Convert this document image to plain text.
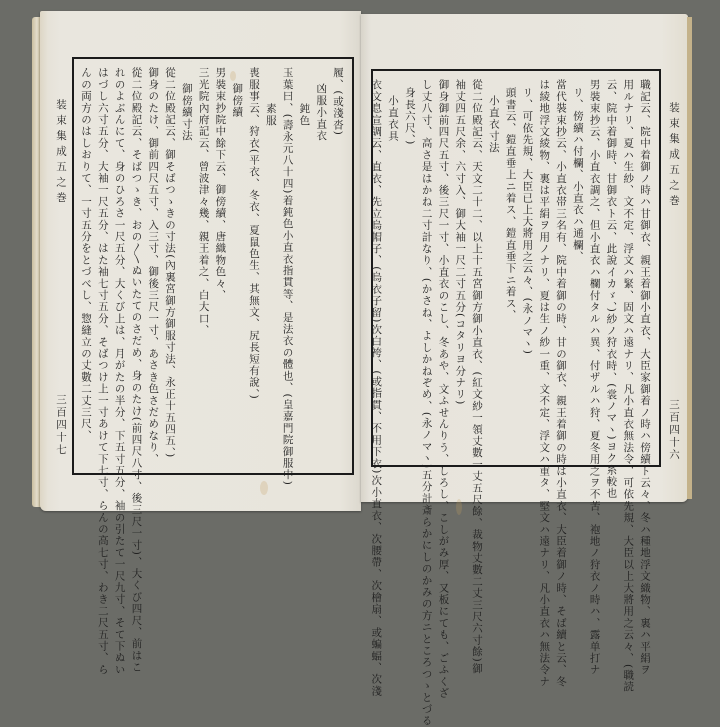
装束集成五之巻
三百四十七
履、(或淺沓)
凶服小直衣
鈍色
玉葉曰、(壽永元八十四)着鈍色小直衣指貫等、是法衣の體也、(皇嘉門院御服中)
素服
喪服事云、狩衣(平衣、冬衣、夏鼠色生、其無文、尻長短有說、)
御傍續
男裝束抄院中餘下云、御傍續、唐織物色々、
三光院內府記云、曾波津々幾、親王着之、白大口、
御傍續寸法
從二位殿記云、御そばつゝきの寸法(內裏宮御方御服寸法、永正十五四五、)
御身のたけ、御前四尺五寸、入三寸、御後三尺一寸、あさき色さだめなり、
從二位殿記云、そばつゝき、おの〳〵ぬいたてのさだめ、身のたけ(前四尺八寸、後三尺一寸)、大くび四尺、前はこ
れのよぶんにて、身のひろさ一尺五分、大くび上は、月がたの半分、下五寸五分、袖の引たて一尺九寸、そて下ぬい
はづし六寸五分、大袖一尺五分、はた袖七寸五分、そばつけ上一寸あけて下七寸、らんの高七寸、わき二尺五寸、ら
んの両方のはしおりて、一寸五分をとづべし、惣縫立の丈數二丈三尺、	装束集成五之巻
三百四十六
職記云、院中着御ノ時ハ甘御衣、親王着御小直衣、大臣家御着ノ時ハ傍續ト云々、冬ハ種地浮文織物、裏ハ平絹ヲ
用ルナリ、夏ハ生紗、文不定、浮文ハ緊、固文ハ遠ナリ、凡小直衣無法令、可依先規、大臣以上大將用之云々、(職読
云、院中着御時、甘御衣ト云、此說イカゞ、)紗ノ狩衣時、(裳ノマヽ)ヨク糸較也
男裝束抄云、小直衣調之、但小直衣ハ欄付タルハ異、付ザルハ狩、夏冬用之ヲ不苦、袍地ノ狩衣ノ時ハ、露单打ナ
リ、傍續ハ付欄、小直衣ハ通欄、
當代裝束抄云、小直衣帯三名有、院中着御の時、甘の御衣、親王着御の時は小直衣、大臣着御ノ時、そば續と云、冬
は綾地浮文綾物、裏は平絹ヲ用ノナリ、夏は生ノ紗一重、文不定、浮文ハ重タ、堅文ハ遠ナリ、凡小直衣ハ無法令ナ
リ、可依先規、大臣已上大將用之云々、(永ノマヽ)
頭書云、鎧直垂上ニ着ス、鎧直垂下ニ着ス、
小直衣寸法
從二位殿記云、天文二十二、以上十五宮御方御小直衣、(紅文紗一領丈數一丈五尺餘、裁物丈數二丈三尺六寸餘)御
袖丈四五尺余、六寸入、御大袖一尺二寸五分(コタリヨ分ナリ)
御身御前四尺五寸、後三尺一寸、小直衣のこし、冬あや、文ふせんりう、しろし、こしがみ厚、又板にても、ごふくざ
し丈八寸、高さ是はかね二寸計なり、(かさね、よしかねぞめ、(永ノマヽ)五分計斎らかにしのかみの方ニところつゝとづる
身長六尺、)
小直衣具
衣文息宣調云、直衣、先立烏帽子、(烏衣子留)次白袴、(或指貫、不用下衣)次小直衣、次腰帶、次檜扇、或蝙蝠、次淺
